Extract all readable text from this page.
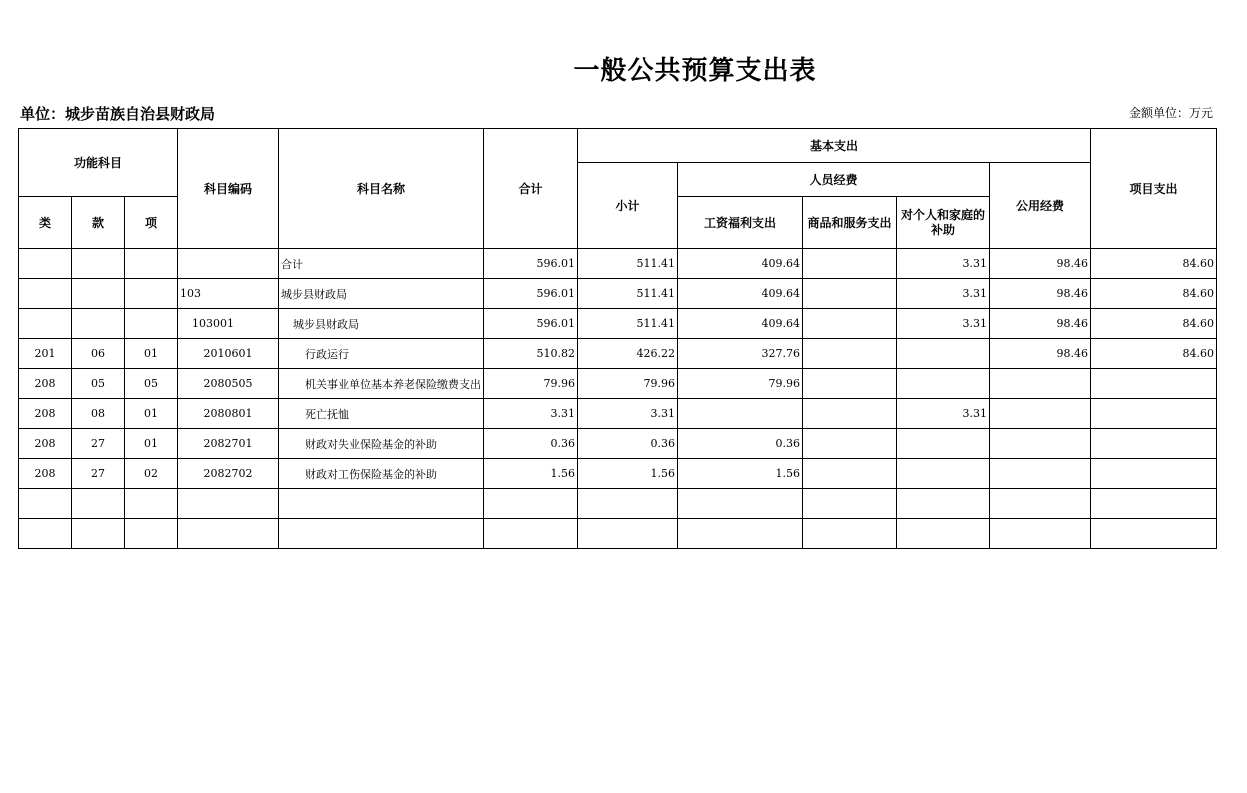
一般公共预算支出表
单位：城步苗族自治县财政局	金额单位：万元
功能科目			科目编码	科目名称	合计	基本支出					项目支出
						小计	人员经费			公用经费	
类	款	项					工资福利支出	商品和服务支出	对个人和家庭的补助		
				合计	596.01	511.41	409.64		3.31	98.46	84.60
			103	城步县财政局	596.01	511.41	409.64		3.31	98.46	84.60
			103001	城步县财政局	596.01	511.41	409.64		3.31	98.46	84.60
201	06	01	2010601	行政运行	510.82	426.22	327.76			98.46	84.60
208	05	05	2080505	机关事业单位基本养老保险缴费支出	79.96	79.96	79.96				
208	08	01	2080801	死亡抚恤	3.31	3.31			3.31		
208	27	01	2082701	财政对失业保险基金的补助	0.36	0.36	0.36				
208	27	02	2082702	财政对工伤保险基金的补助	1.56	1.56	1.56				
